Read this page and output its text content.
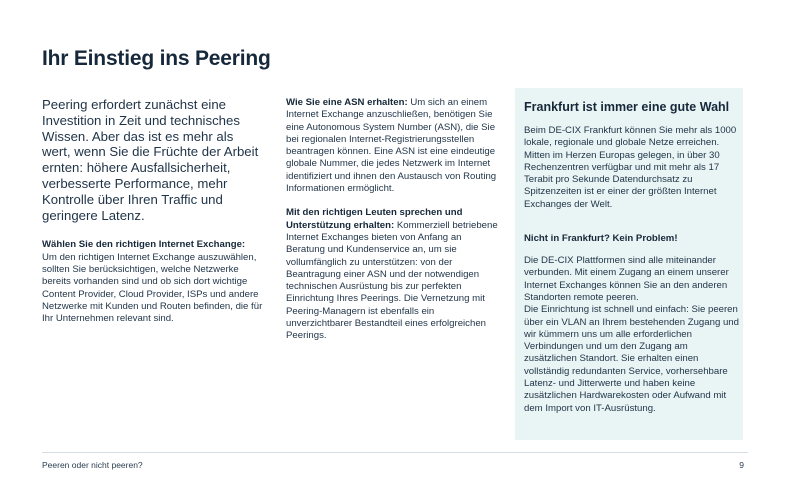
Ihr Einstieg ins Peering

Peering erfordert zunächst eine Investition in Zeit und technisches Wissen. Aber das ist es mehr als wert, wenn Sie die Früchte der Arbeit ernten: höhere Ausfallsicherheit, verbesserte Performance, mehr Kontrolle über Ihren Traffic und geringere Latenz.

Wählen Sie den richtigen Internet Exchange:
Um den richtigen Internet Exchange auszuwählen, sollten Sie berücksichtigen, welche Netzwerke bereits vorhanden sind und ob sich dort wichtige Content Provider, Cloud Provider, ISPs und andere Netzwerke mit Kunden und Routen befinden, die für Ihr Unternehmen relevant sind.

Wie Sie eine ASN erhalten: Um sich an einem Internet Exchange anzuschließen, benötigen Sie eine Autonomous System Number (ASN), die Sie bei regionalen Internet-Registrierungsstellen beantragen können. Eine ASN ist eine eindeutige globale Nummer, die jedes Netzwerk im Internet identifiziert und ihnen den Austausch von Routing Informationen ermöglicht.

Mit den richtigen Leuten sprechen und Unterstützung erhalten: Kommerziell betriebene Internet Exchanges bieten von Anfang an Beratung und Kundenservice an, um sie vollumfänglich zu unterstützen: von der Beantragung einer ASN und der notwendigen technischen Ausrüstung bis zur perfekten Einrichtung Ihres Peerings. Die Vernetzung mit Peering-Managern ist ebenfalls ein unverzichtbarer Bestandteil eines erfolgreichen Peerings.

Frankfurt ist immer eine gute Wahl

Beim DE-CIX Frankfurt können Sie mehr als 1000 lokale, regionale und globale Netze erreichen. Mitten im Herzen Europas gelegen, in über 30 Rechenzentren verfügbar und mit mehr als 17 Terabit pro Sekunde Datendurchsatz zu Spitzenzeiten ist er einer der größten Internet Exchanges der Welt.

Nicht in Frankfurt? Kein Problem!

Die DE-CIX Plattformen sind alle miteinander verbunden. Mit einem Zugang an einem unserer Internet Exchanges können Sie an den anderen Standorten remote peeren.

Die Einrichtung ist schnell und einfach: Sie peeren über ein VLAN an Ihrem bestehenden Zugang und wir kümmern uns um alle erforderlichen Verbindungen und um den Zugang am zusätzlichen Standort. Sie erhalten einen vollständig redundanten Service, vorhersehbare Latenz- und Jitterwerte und haben keine zusätzlichen Hardwarekosten oder Aufwand mit dem Import von IT-Ausrüstung.

Peeren oder nicht peeren?	9
